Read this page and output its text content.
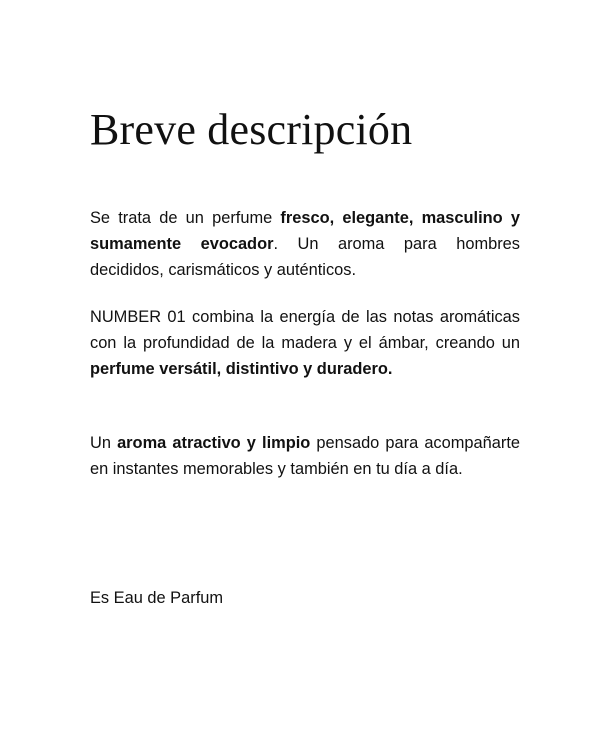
Breve descripción

Se trata de un perfume fresco, elegante, masculino y sumamente evocador. Un aroma para hombres decididos, carismáticos y auténticos.

NUMBER 01 combina la energía de las notas aromáticas con la profundidad de la madera y el ámbar, creando un perfume versátil, distintivo y duradero.

Un aroma atractivo y limpio pensado para acompañarte en instantes memorables y también en tu día a día.

Es Eau de Parfum
